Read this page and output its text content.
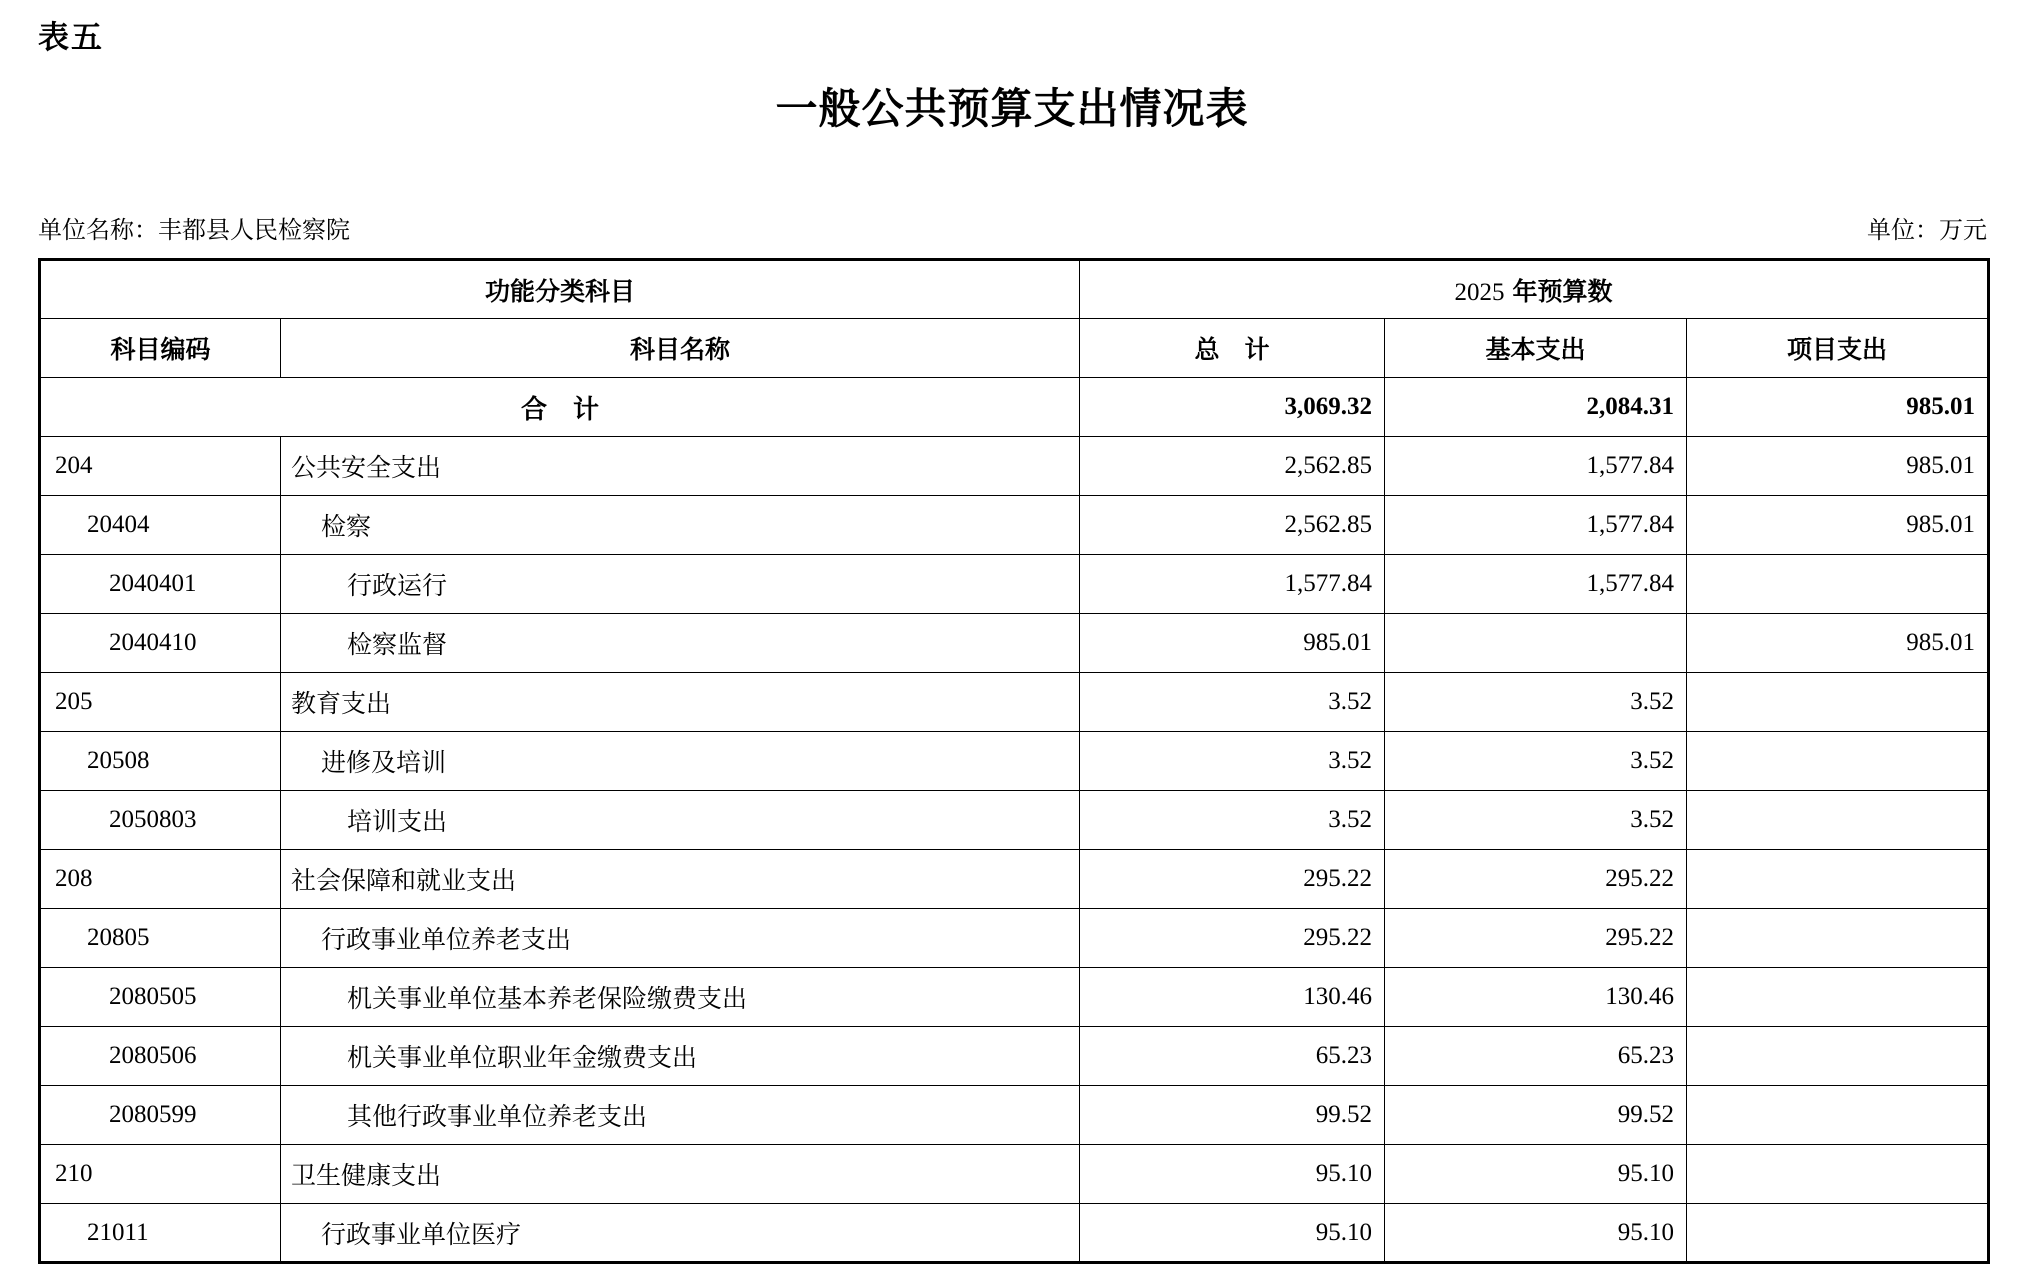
表五
一般公共预算支出情况表
单位名称：丰都县人民检察院	单位：万元
功能分类科目		2025 年预算数		
科目编码	科目名称	总　计	基本支出	项目支出
合　计		3,069.32	2,084.31	985.01
204	公共安全支出	2,562.85	1,577.84	985.01
20404	检察	2,562.85	1,577.84	985.01
2040401	行政运行	1,577.84	1,577.84	
2040410	检察监督	985.01		985.01
205	教育支出	3.52	3.52	
20508	进修及培训	3.52	3.52	
2050803	培训支出	3.52	3.52	
208	社会保障和就业支出	295.22	295.22	
20805	行政事业单位养老支出	295.22	295.22	
2080505	机关事业单位基本养老保险缴费支出	130.46	130.46	
2080506	机关事业单位职业年金缴费支出	65.23	65.23	
2080599	其他行政事业单位养老支出	99.52	99.52	
210	卫生健康支出	95.10	95.10	
21011	行政事业单位医疗	95.10	95.10	
